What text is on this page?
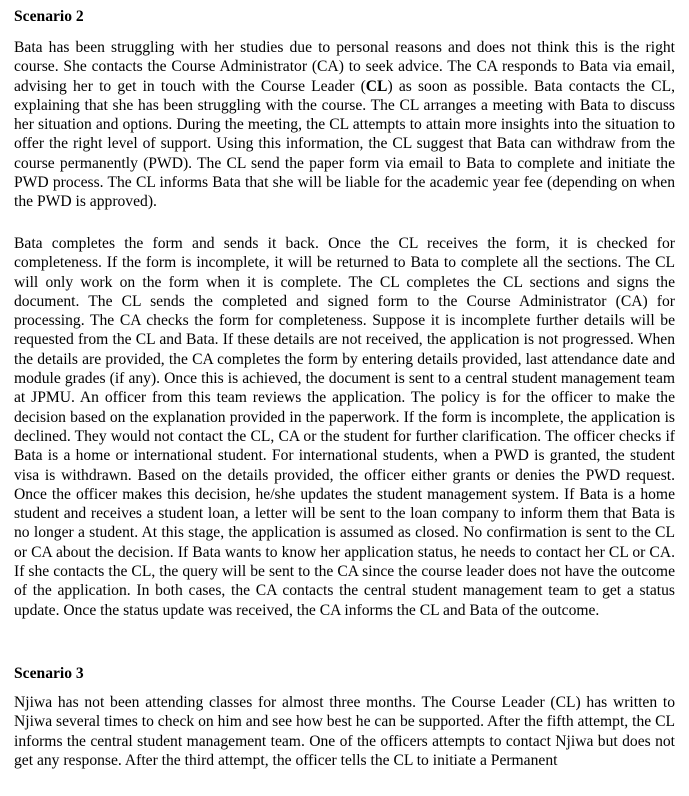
Scenario 2

Bata has been struggling with her studies due to personal reasons and does not think this is the right course. She contacts the Course Administrator (CA) to seek advice. The CA responds to Bata via email, advising her to get in touch with the Course Leader (CL) as soon as possible. Bata contacts the CL, explaining that she has been struggling with the course. The CL arranges a meeting with Bata to discuss her situation and options. During the meeting, the CL attempts to attain more insights into the situation to offer the right level of support. Using this information, the CL suggest that Bata can withdraw from the course permanently (PWD). The CL send the paper form via email to Bata to complete and initiate the PWD process. The CL informs Bata that she will be liable for the academic year fee (depending on when the PWD is approved).

Bata completes the form and sends it back. Once the CL receives the form, it is checked for completeness. If the form is incomplete, it will be returned to Bata to complete all the sections. The CL will only work on the form when it is complete. The CL completes the CL sections and signs the document. The CL sends the completed and signed form to the Course Administrator (CA) for processing. The CA checks the form for completeness. Suppose it is incomplete further details will be requested from the CL and Bata. If these details are not received, the application is not progressed. When the details are provided, the CA completes the form by entering details provided, last attendance date and module grades (if any). Once this is achieved, the document is sent to a central student management team at JPMU. An officer from this team reviews the application. The policy is for the officer to make the decision based on the explanation provided in the paperwork. If the form is incomplete, the application is declined. They would not contact the CL, CA or the student for further clarification. The officer checks if Bata is a home or international student. For international students, when a PWD is granted, the student visa is withdrawn. Based on the details provided, the officer either grants or denies the PWD request. Once the officer makes this decision, he/she updates the student management system. If Bata is a home student and receives a student loan, a letter will be sent to the loan company to inform them that Bata is no longer a student. At this stage, the application is assumed as closed. No confirmation is sent to the CL or CA about the decision. If Bata wants to know her application status, he needs to contact her CL or CA. If she contacts the CL, the query will be sent to the CA since the course leader does not have the outcome of the application. In both cases, the CA contacts the central student management team to get a status update. Once the status update was received, the CA informs the CL and Bata of the outcome.

Scenario 3

Njiwa has not been attending classes for almost three months. The Course Leader (CL) has written to Njiwa several times to check on him and see how best he can be supported. After the fifth attempt, the CL informs the central student management team. One of the officers attempts to contact Njiwa but does not get any response. After the third attempt, the officer tells the CL to initiate a Permanent
